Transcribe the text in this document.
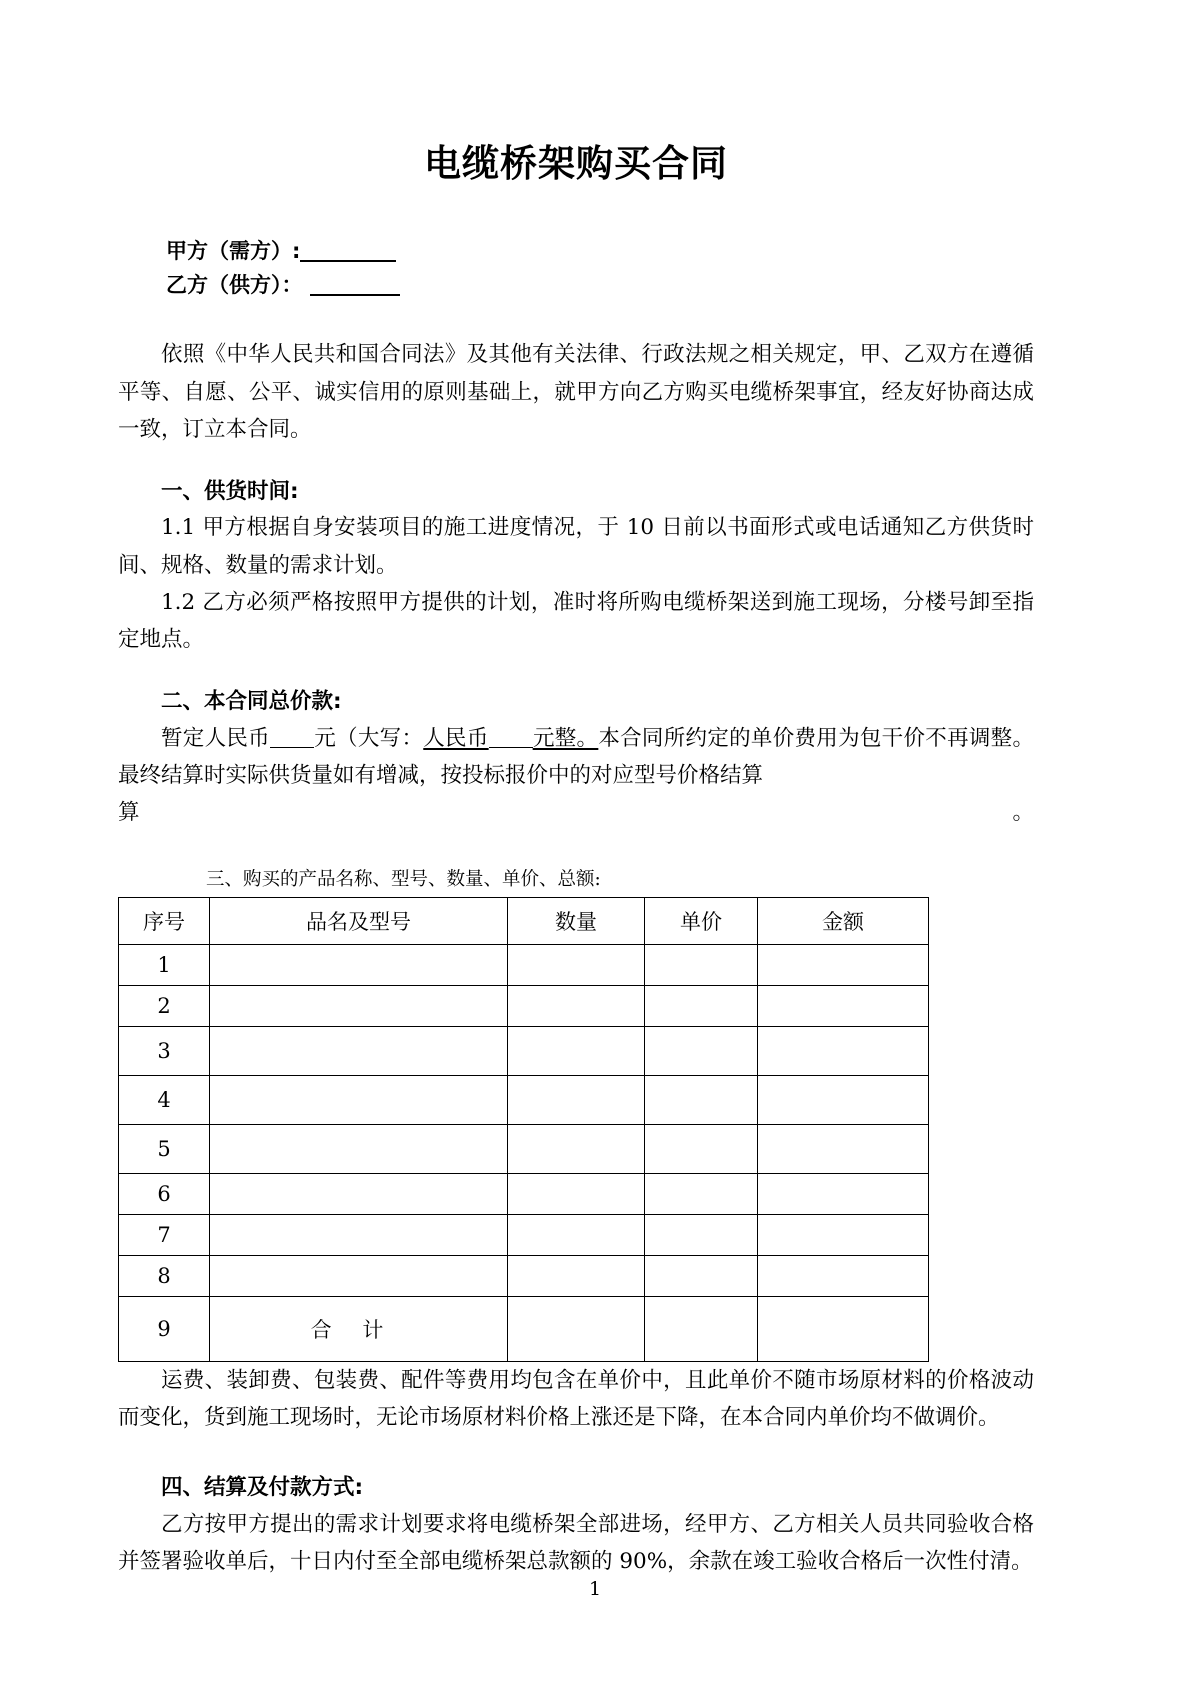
电缆桥架购买合同
甲方（需方）:
乙方（供方）：

依照《中华人民共和国合同法》及其他有关法律、行政法规之相关规定，甲、乙双方在遵循平等、自愿、公平、诚实信用的原则基础上，就甲方向乙方购买电缆桥架事宜，经友好协商达成一致，订立本合同。

一、供货时间:

1.1 甲方根据自身安装项目的施工进度情况，于 10 日前以书面形式或电话通知乙方供货时间、规格、数量的需求计划。

1.2 乙方必须严格按照甲方提供的计划，准时将所购电缆桥架送到施工现场，分楼号卸至指定地点。

二、本合同总价款:

暂定人民币 元（大写：人民币 元整。本合同所约定的单价费用为包干价不再调整。最终结算时实际供货量如有增减，按投标报价中的对应型号价格结算

算	。

三、购买的产品名称、型号、数量、单价、总额:

序号	品名及型号	数量	单价	金额
1				
2				
3				
4				
5				
6				
7				
8				
9	合 计			

运费、装卸费、包装费、配件等费用均包含在单价中，且此单价不随市场原材料的价格波动而变化，货到施工现场时，无论市场原材料价格上涨还是下降，在本合同内单价均不做调价。

四、结算及付款方式:

乙方按甲方提出的需求计划要求将电缆桥架全部进场，经甲方、乙方相关人员共同验收合格并签署验收单后，十日内付至全部电缆桥架总款额的 90%，余款在竣工验收合格后一次性付清。

1
